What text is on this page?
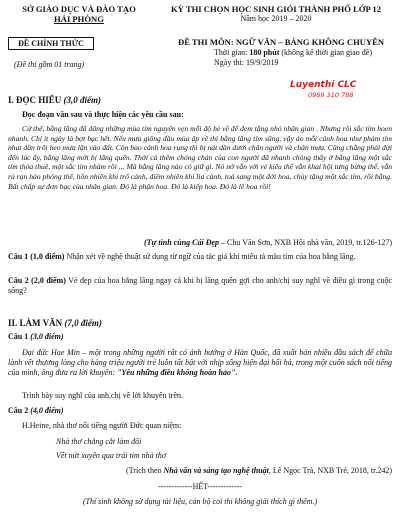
SỞ GIÁO DỤC VÀ ĐÀO TẠO
HẢI PHÒNG
KỲ THI CHỌN HỌC SINH GIỎI THÀNH PHỐ LỚP 12
Năm học 2019 – 2020
ĐỀ CHÍNH THỨC
(Đề thi gồm 01 trang)
ĐỀ THI MÔN: NGỮ VĂN – BẢNG KHÔNG CHUYÊN
Thời gian: 180 phút (không kể thời gian giao đề)
Ngày thi: 19/9/2019
Luyenthi CLC
0969 310 788
I. ĐỌC HIỂU (3,0 điểm)
Đọc đoạn văn sau và thực hiện các yêu cầu sau:
Cứ thế, bằng lăng đã dâng những mùa tím nguyên vẹn mỗi độ hè về để đem tặng nhỏ nhân gian . Nhưng rồi sắc tím hoen nhanh. Chỉ ít ngày là bợt bạc hết. Nếu mưa giông đầu mùa ập về thì bằng lăng tím sũng, vậy ảo mỗi cánh hoa như phảm tím nhạt dần trôi heo mưa lặn vào đất. Còn bao cánh hoa rụng thì bị nát dần dưới chân người và chân mưa. Cũng chẳng phải đợi đến lúc ấy, bằng lăng mới bị lãng quên. Thời cả thêm chóng chán của con người đã nhanh chóng thấy ở bằng lăng một sắc tím thỏa thuê, một sắc tím nhàm rồi ... Mà bằng lăng nào có giữ gì. Nó nở vẫn với vẻ kiêu thế vẫn khai hội tưng bừng thế, vẫn rủ rạn hào phóng thế, hồn nhiên khi trổ cánh, điềm nhiên khi lìa cành, toà sang một đời hoa, chủy tặng một sắc tím, rồi bằng. Bất chấp sự đơn bạc của nhân gian. Đó là phận hoa. Đó là kiếp hoa. Đó là lẽ hoa rồi!
(Tự tình cùng Cái Đẹp – Chu Văn Sơn, NXB Hội nhà văn, 2019, tr.126-127)
Câu 1 (1,0 điểm) Nhận xét về nghệ thuật sử dụng từ ngữ của tác giả khi miêu tả màu tím của hoa bằng lăng.
Câu 2 (2,0 điểm) Vẻ đẹp của hoa bằng lăng ngay cả khi bị lãng quên gợi cho anh/chị suy nghĩ về điều gì trong cuộc sống?
II. LÀM VĂN (7,0 điểm)
Câu 1 (3,0 điểm)
Đại đức Hae Min – một trong những người rất có ảnh hưởng ở Hàn Quốc, đã xuất bản nhiều đầu sách để chữa lành vết thương lòng cho hàng triệu người trẻ luôn tất bật với nhịp sống hiện đại hối hả, trong một cuốn sách nổi tiếng của mình, ông đưa ra lời khuyên: "Yêu những điều không hoàn hảo".
Trình bày suy nghĩ của anh.chị về lời khuyên trên.
Câu 2 (4,0 điểm)
H.Heine, nhà thơ nổi tiếng người Đức quan niệm:
Nhà thơ chẳng cắt làm đôi
Vết nứt xuyên qua trái tim nhà thơ
(Trích theo Nhà văn và sáng tạo nghệ thuật, Lê Ngọc Trà, NXB Trẻ, 2018, tr.242)
-------------HẾT-------------
(Thí sinh không sử dụng tài liệu, cán bộ coi thi không giải thích gì thêm.)
